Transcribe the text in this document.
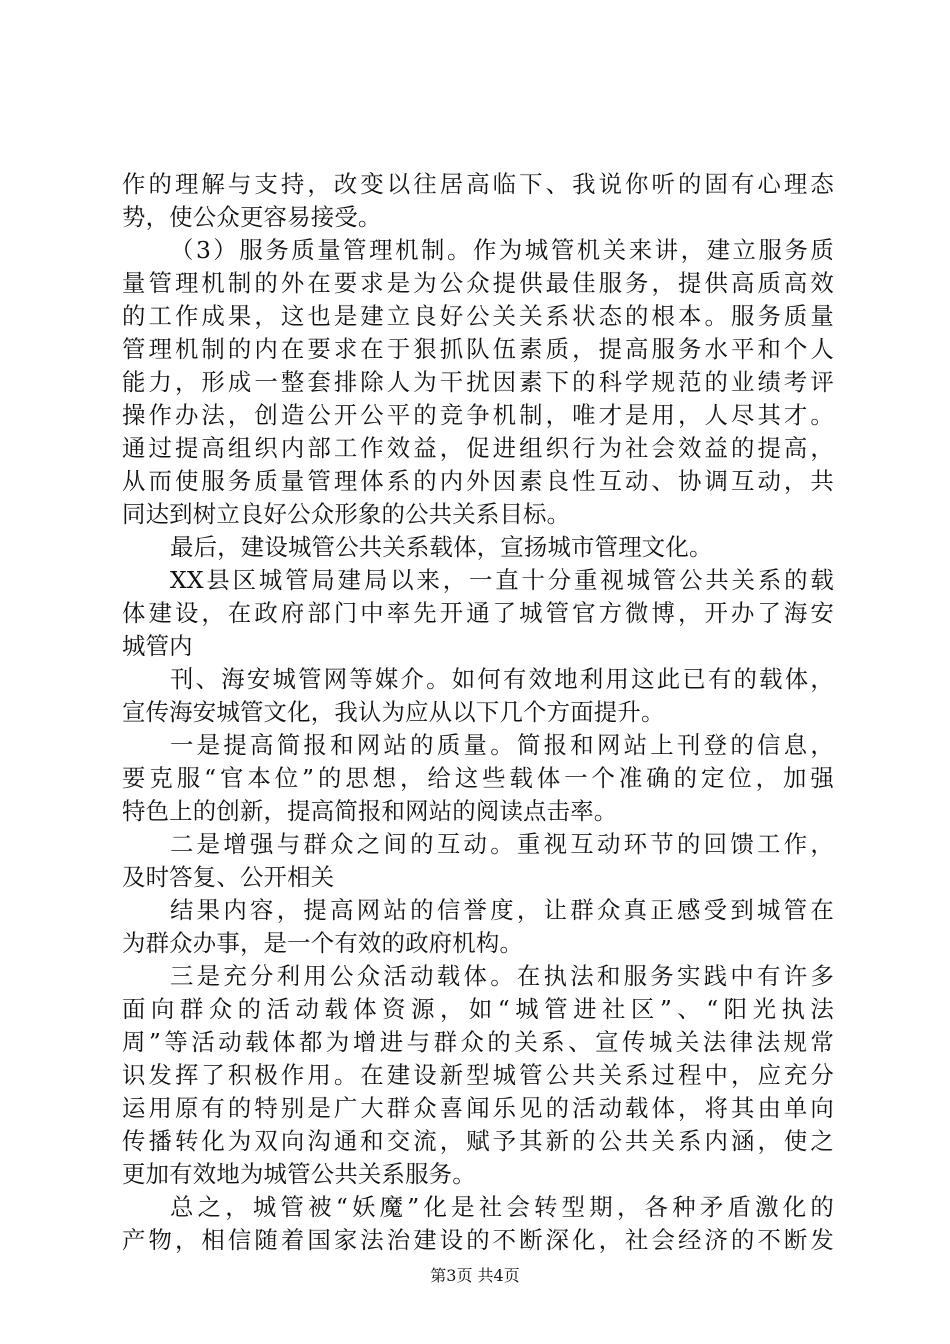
作的理解与支持，改变以往居高临下、我说你听的固有心理态
势，使公众更容易接受。
（3）服务质量管理机制。作为城管机关来讲，建立服务质
量管理机制的外在要求是为公众提供最佳服务，提供高质高效
的工作成果，这也是建立良好公关关系状态的根本。服务质量
管理机制的内在要求在于狠抓队伍素质，提高服务水平和个人
能力，形成一整套排除人为干扰因素下的科学规范的业绩考评
操作办法，创造公开公平的竞争机制，唯才是用，人尽其才。
通过提高组织内部工作效益，促进组织行为社会效益的提高，
从而使服务质量管理体系的内外因素良性互动、协调互动，共
同达到树立良好公众形象的公共关系目标。
最后，建设城管公共关系载体，宣扬城市管理文化。
XX县区城管局建局以来，一直十分重视城管公共关系的载
体建设，在政府部门中率先开通了城管官方微博，开办了海安
城管内
刊、海安城管网等媒介。如何有效地利用这此已有的载体，
宣传海安城管文化，我认为应从以下几个方面提升。
一是提高简报和网站的质量。简报和网站上刊登的信息，
要克服“官本位”的思想，给这些载体一个准确的定位，加强
特色上的创新，提高简报和网站的阅读点击率。
二是增强与群众之间的互动。重视互动环节的回馈工作，
及时答复、公开相关
结果内容，提高网站的信誉度，让群众真正感受到城管在
为群众办事，是一个有效的政府机构。
三是充分利用公众活动载体。在执法和服务实践中有许多
面向群众的活动载体资源，如“城管进社区”、“阳光执法
周”等活动载体都为增进与群众的关系、宣传城关法律法规常
识发挥了积极作用。在建设新型城管公共关系过程中，应充分
运用原有的特别是广大群众喜闻乐见的活动载体，将其由单向
传播转化为双向沟通和交流，赋予其新的公共关系内涵，使之
更加有效地为城管公共关系服务。
总之，城管被“妖魔”化是社会转型期，各种矛盾激化的
产物，相信随着国家法治建设的不断深化，社会经济的不断发
第3页 共4页
